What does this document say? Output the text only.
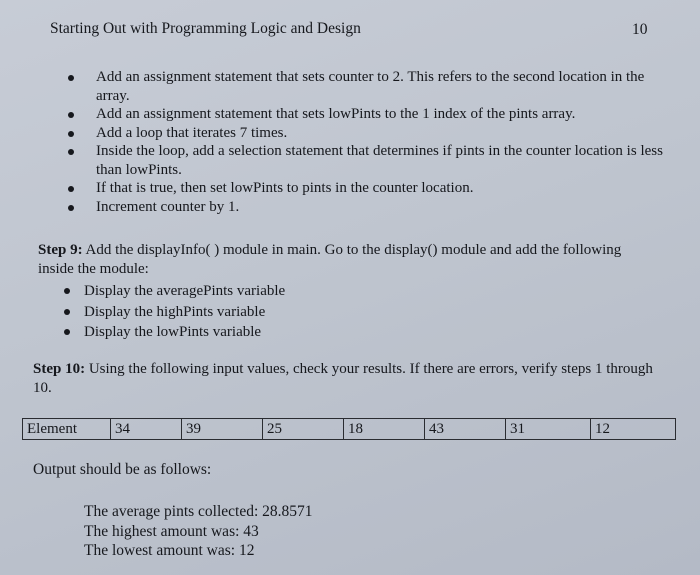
Starting Out with Programming Logic and Design	10
Add an assignment statement that sets counter to 2. This refers to the second location in the array.
Add an assignment statement that sets lowPints to the 1 index of the pints array.
Add a loop that iterates 7 times.
Inside the loop, add a selection statement that determines if pints in the counter location is less than lowPints.
If that is true, then set lowPints to pints in the counter location.
Increment counter by 1.
Step 9: Add the displayInfo( ) module in main. Go to the display() module and add the following inside the module:
Display the averagePints variable
Display the highPints variable
Display the lowPints variable
Step 10: Using the following input values, check your results. If there are errors, verify steps 1 through 10.
Element	34	39	25	18	43	31	12
Output should be as follows:
The average pints collected: 28.8571
The highest amount was: 43
The lowest amount was: 12
